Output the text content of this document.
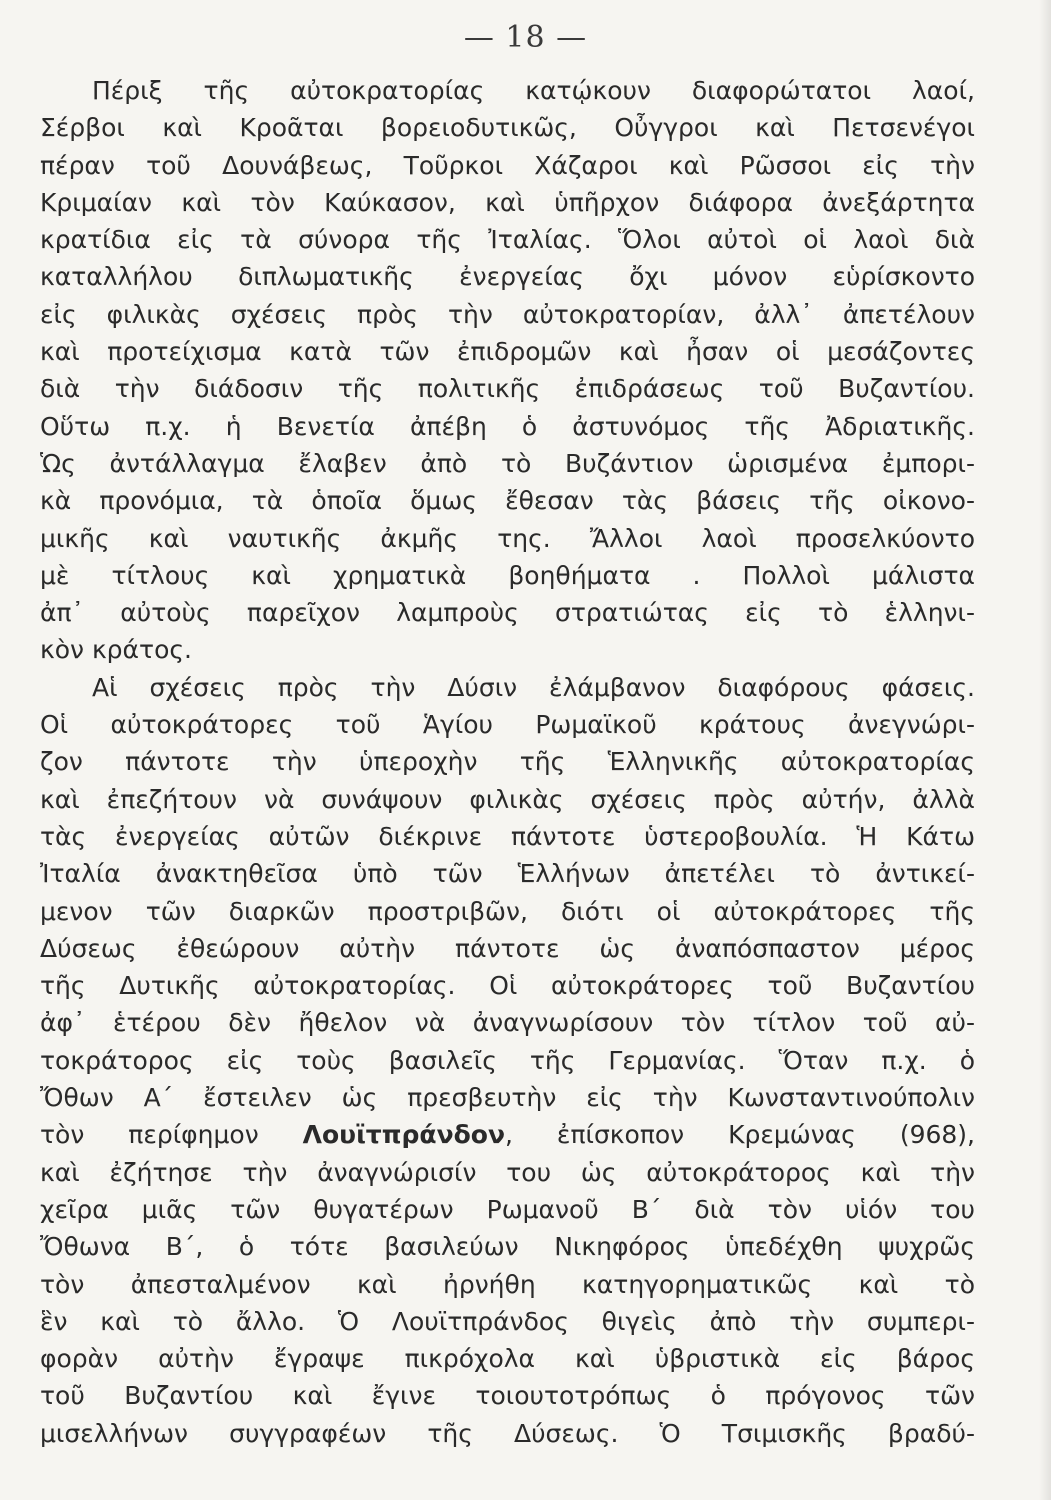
— 18 —
Πέριξ τῆς αὐτοκρατορίας κατῴκουν διαφορώτατοι λαοί,
Σέρβοι καὶ Κροᾶται βορειοδυτικῶς, Οὖγγροι καὶ Πετσενέγοι
πέραν τοῦ Δουνάβεως, Τοῦρκοι Χάζαροι καὶ Ρῶσσοι εἰς τὴν
Κριμαίαν καὶ τὸν Καύκασον, καὶ ὑπῆρχον διάφορα ἀνεξάρτητα
κρατίδια εἰς τὰ σύνορα τῆς Ἰταλίας. Ὅλοι αὐτοὶ οἱ λαοὶ διὰ
καταλλήλου διπλωματικῆς ἐνεργείας ὄχι μόνον εὑρίσκοντο
εἰς φιλικὰς σχέσεις πρὸς τὴν αὐτοκρατορίαν, ἀλλ᾽ ἀπετέλουν
καὶ προτείχισμα κατὰ τῶν ἐπιδρομῶν καὶ ἦσαν οἱ μεσάζοντες
διὰ τὴν διάδοσιν τῆς πολιτικῆς ἐπιδράσεως τοῦ Βυζαντίου.
Οὕτω π.χ. ἡ Βενετία ἀπέβη ὁ ἀστυνόμος τῆς Ἀδριατικῆς.
Ὡς ἀντάλλαγμα ἔλαβεν ἀπὸ τὸ Βυζάντιον ὡρισμένα ἐμπορι-
κὰ προνόμια, τὰ ὁποῖα ὅμως ἔθεσαν τὰς βάσεις τῆς οἰκονο-
μικῆς καὶ ναυτικῆς ἀκμῆς της. Ἄλλοι λαοὶ προσελκύοντο
μὲ τίτλους καὶ χρηματικὰ βοηθήματα . Πολλοὶ μάλιστα
ἀπ᾽ αὐτοὺς παρεῖχον λαμπροὺς στρατιώτας εἰς τὸ ἑλληνι-
κὸν κράτος.
Αἱ σχέσεις πρὸς τὴν Δύσιν ἐλάμβανον διαφόρους φάσεις.
Οἱ αὐτοκράτορες τοῦ Ἁγίου Ρωμαϊκοῦ κράτους ἀνεγνώρι-
ζον πάντοτε τὴν ὑπεροχὴν τῆς Ἑλληνικῆς αὐτοκρατορίας
καὶ ἐπεζήτουν νὰ συνάψουν φιλικὰς σχέσεις πρὸς αὐτήν, ἀλλὰ
τὰς ἐνεργείας αὐτῶν διέκρινε πάντοτε ὑστεροβουλία. Ἡ Κάτω
Ἰταλία ἀνακτηθεῖσα ὑπὸ τῶν Ἑλλήνων ἀπετέλει τὸ ἀντικεί-
μενον τῶν διαρκῶν προστριβῶν, διότι οἱ αὐτοκράτορες τῆς
Δύσεως ἐθεώρουν αὐτὴν πάντοτε ὡς ἀναπόσπαστον μέρος
τῆς Δυτικῆς αὐτοκρατορίας. Οἱ αὐτοκράτορες τοῦ Βυζαντίου
ἀφ᾽ ἑτέρου δὲν ἤθελον νὰ ἀναγνωρίσουν τὸν τίτλον τοῦ αὐ-
τοκράτορος εἰς τοὺς βασιλεῖς τῆς Γερμανίας. Ὅταν π.χ. ὁ
Ὄθων Α΄ ἔστειλεν ὡς πρεσβευτὴν εἰς τὴν Κωνσταντινούπολιν
τὸν περίφημον Λουϊτπράνδον, ἐπίσκοπον Κρεμώνας (968),
καὶ ἐζήτησε τὴν ἀναγνώρισίν του ὡς αὐτοκράτορος καὶ τὴν
χεῖρα μιᾶς τῶν θυγατέρων Ρωμανοῦ Β΄ διὰ τὸν υἱόν του
Ὄθωνα Β΄, ὁ τότε βασιλεύων Νικηφόρος ὑπεδέχθη ψυχρῶς
τὸν ἀπεσταλμένον καὶ ἠρνήθη κατηγορηματικῶς καὶ τὸ
ἓν καὶ τὸ ἄλλο. Ὁ Λουϊτπράνδος θιγεὶς ἀπὸ τὴν συμπερι-
φορὰν αὐτὴν ἔγραψε πικρόχολα καὶ ὑβριστικὰ εἰς βάρος
τοῦ Βυζαντίου καὶ ἔγινε τοιουτοτρόπως ὁ πρόγονος τῶν
μισελλήνων συγγραφέων τῆς Δύσεως. Ὁ Τσιμισκῆς βραδύ-
